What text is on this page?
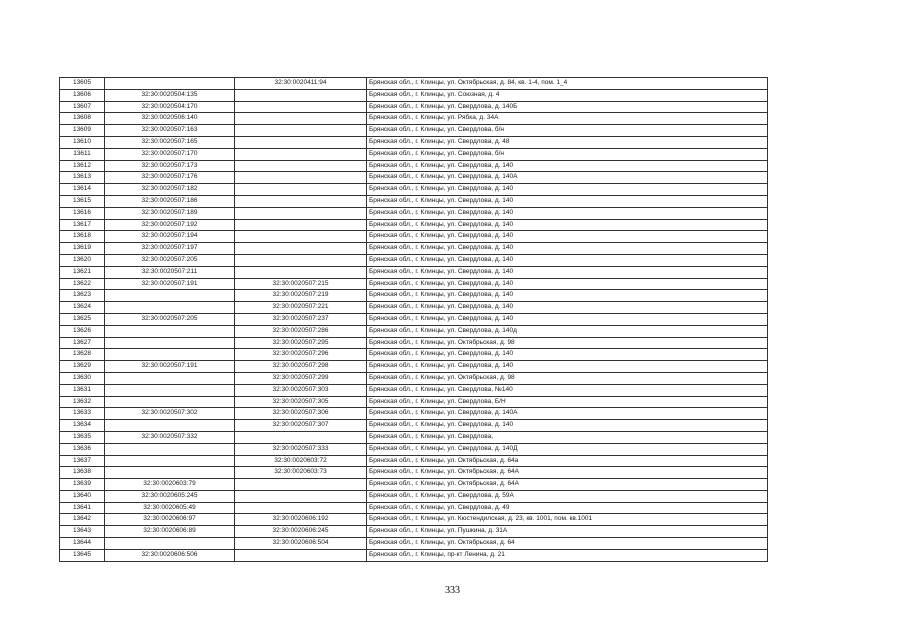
13605		32:30:0020411:94	Брянская обл., г. Клинцы, ул. Октябрьская, д. 84, кв. 1-4, пом. 1_4
13606	32:30:0020504:135		Брянская обл., г. Клинцы, ул. Союзная, д. 4
13607	32:30:0020504:170		Брянская обл., г. Клинцы, ул. Свердлова, д. 140Б
13608	32:30:0020506:140		Брянская обл., г. Клинцы, ул. Рябка, д. 34А
13609	32:30:0020507:163		Брянская обл., г. Клинцы, ул. Свердлова, б/н
13610	32:30:0020507:165		Брянская обл., г. Клинцы, ул. Свердлова, д. 48
13611	32:30:0020507:170		Брянская обл., г. Клинцы, ул. Свердлова, б/н
13612	32:30:0020507:173		Брянская обл., г. Клинцы, ул. Свердлова, д. 140
13613	32:30:0020507:176		Брянская обл., г. Клинцы, ул. Свердлова, д. 140А
13614	32:30:0020507:182		Брянская обл., г. Клинцы, ул. Свердлова, д. 140
13615	32:30:0020507:186		Брянская обл., г. Клинцы, ул. Свердлова, д. 140
13616	32:30:0020507:189		Брянская обл., г. Клинцы, ул. Свердлова, д. 140
13617	32:30:0020507:192		Брянская обл., г. Клинцы, ул. Свердлова, д. 140
13618	32:30:0020507:194		Брянская обл., г. Клинцы, ул. Свердлова, д. 140
13619	32:30:0020507:197		Брянская обл., г. Клинцы, ул. Свердлова, д. 140
13620	32:30:0020507:205		Брянская обл., г. Клинцы, ул. Свердлова, д. 140
13621	32:30:0020507:211		Брянская обл., г. Клинцы, ул. Свердлова, д. 140
13622	32:30:0020507:191	32:30:0020507:215	Брянская обл., г. Клинцы, ул. Свердлова, д. 140
13623		32:30:0020507:219	Брянская обл., г. Клинцы, ул. Свердлова, д. 140
13624		32:30:0020507:221	Брянская обл., г. Клинцы, ул. Свердлова, д. 140
13625	32:30:0020507:205	32:30:0020507:237	Брянская обл., г. Клинцы, ул. Свердлова, д. 140
13626		32:30:0020507:286	Брянская обл., г. Клинцы, ул. Свердлова, д. 140д
13627		32:30:0020507:295	Брянская обл., г. Клинцы, ул. Октябрьская, д. 98
13628		32:30:0020507:296	Брянская обл., г. Клинцы, ул. Свердлова, д. 140
13629	32:30:0020507:191	32:30:0020507:298	Брянская обл., г. Клинцы, ул. Свердлова, д. 140
13630		32:30:0020507:299	Брянская обл., г. Клинцы, ул. Октябрьская, д. 98
13631		32:30:0020507:303	Брянская обл., г. Клинцы, ул. Свердлова, №140
13632		32:30:0020507:305	Брянская обл., г. Клинцы, ул. Свердлова, Б/Н
13633	32:30:0020507:302	32:30:0020507:306	Брянская обл., г. Клинцы, ул. Свердлова, д. 140А
13634		32:30:0020507:307	Брянская обл., г. Клинцы, ул. Свердлова, д. 140
13635	32:30:0020507:332		Брянская обл., г. Клинцы, ул. Свердлова,
13636		32:30:0020507:333	Брянская обл., г. Клинцы, ул. Свердлова, д. 140Д
13637		32:30:0020603:72	Брянская обл., г. Клинцы, ул. Октябрьская, д. 64а
13638		32:30:0020603:73	Брянская обл., г. Клинцы, ул. Октябрьская, д. 64А
13639	32:30:0020603:79		Брянская обл., г. Клинцы, ул. Октябрьская, д. 64А
13640	32:30:0020605:245		Брянская обл., г. Клинцы, ул. Свердлова, д. 59А
13641	32:30:0020605:49		Брянская обл., г. Клинцы, ул. Свердлова, д. 49
13642	32:30:0020606:97	32:30:0020606:192	Брянская обл., г. Клинцы, ул. Кюстендилская, д. 23, кв. 1001, пом. кв.1001
13643	32:30:0020606:89	32:30:0020606:245	Брянская обл., г. Клинцы, ул. Пушкина, д. 31А
13644		32:30:0020606:504	Брянская обл., г. Клинцы, ул. Октябрьская, д. 64
13645	32:30:0020606:506		Брянская обл., г. Клинцы, пр-кт Ленина, д. 21
333
